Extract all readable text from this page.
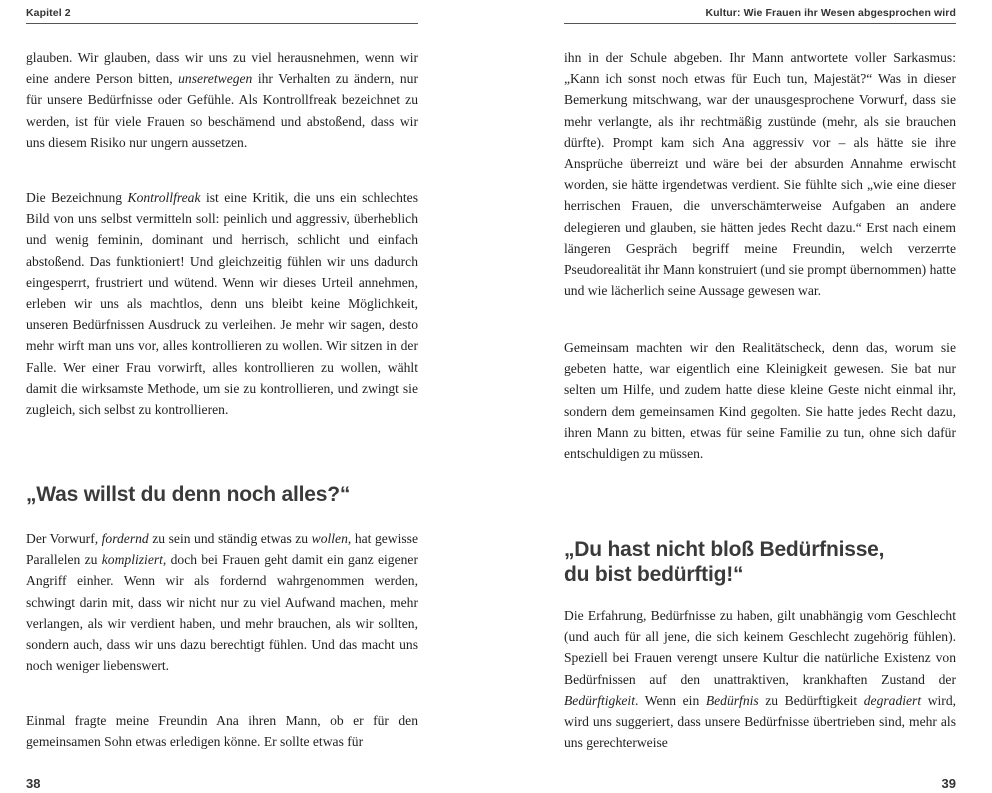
Kapitel 2

glauben. Wir glauben, dass wir uns zu viel herausnehmen, wenn wir eine andere Person bitten, unseretwegen ihr Verhalten zu ändern, nur für unsere Bedürfnisse oder Gefühle. Als Kontrollfreak bezeichnet zu werden, ist für viele Frauen so beschämend und abstoßend, dass wir uns diesem Risiko nur ungern aussetzen.

Die Bezeichnung Kontrollfreak ist eine Kritik, die uns ein schlechtes Bild von uns selbst vermitteln soll: peinlich und aggressiv, überheblich und wenig feminin, dominant und herrisch, schlicht und einfach abstoßend. Das funktioniert! Und gleichzeitig fühlen wir uns dadurch eingesperrt, frustriert und wütend. Wenn wir dieses Urteil annehmen, erleben wir uns als machtlos, denn uns bleibt keine Möglichkeit, unseren Bedürfnissen Ausdruck zu verleihen. Je mehr wir sagen, desto mehr wirft man uns vor, alles kontrollieren zu wollen. Wir sitzen in der Falle. Wer einer Frau vorwirft, alles kontrollieren zu wollen, wählt damit die wirksamste Methode, um sie zu kontrollieren, und zwingt sie zugleich, sich selbst zu kontrollieren.

„Was willst du denn noch alles?“

Der Vorwurf, fordernd zu sein und ständig etwas zu wollen, hat gewisse Parallelen zu kompliziert, doch bei Frauen geht damit ein ganz eigener Angriff einher. Wenn wir als fordernd wahrgenommen werden, schwingt darin mit, dass wir nicht nur zu viel Aufwand machen, mehr verlangen, als wir verdient haben, und mehr brauchen, als wir sollten, sondern auch, dass wir uns dazu berechtigt fühlen. Und das macht uns noch weniger liebenswert.

Einmal fragte meine Freundin Ana ihren Mann, ob er für den gemeinsamen Sohn etwas erledigen könne. Er sollte etwas für

38
Kultur: Wie Frauen ihr Wesen abgesprochen wird

ihn in der Schule abgeben. Ihr Mann antwortete voller Sarkasmus: „Kann ich sonst noch etwas für Euch tun, Majestät?“ Was in dieser Bemerkung mitschwang, war der unausgesprochene Vorwurf, dass sie mehr verlangte, als ihr rechtmäßig zustünde (mehr, als sie brauchen dürfte). Prompt kam sich Ana aggressiv vor – als hätte sie ihre Ansprüche überreizt und wäre bei der absurden Annahme erwischt worden, sie hätte irgendetwas verdient. Sie fühlte sich „wie eine dieser herrischen Frauen, die unverschämterweise Aufgaben an andere delegieren und glauben, sie hätten jedes Recht dazu.“ Erst nach einem längeren Gespräch begriff meine Freundin, welch verzerrte Pseudorealität ihr Mann konstruiert (und sie prompt übernommen) hatte und wie lächerlich seine Aussage gewesen war.

Gemeinsam machten wir den Realitätscheck, denn das, worum sie gebeten hatte, war eigentlich eine Kleinigkeit gewesen. Sie bat nur selten um Hilfe, und zudem hatte diese kleine Geste nicht einmal ihr, sondern dem gemeinsamen Kind gegolten. Sie hatte jedes Recht dazu, ihren Mann zu bitten, etwas für seine Familie zu tun, ohne sich dafür entschuldigen zu müssen.

„Du hast nicht bloß Bedürfnisse,
du bist bedürftig!“

Die Erfahrung, Bedürfnisse zu haben, gilt unabhängig vom Geschlecht (und auch für all jene, die sich keinem Geschlecht zugehörig fühlen). Speziell bei Frauen verengt unsere Kultur die natürliche Existenz von Bedürfnissen auf den unattraktiven, krankhaften Zustand der Bedürftigkeit. Wenn ein Bedürfnis zu Bedürftigkeit degradiert wird, wird uns suggeriert, dass unsere Bedürfnisse übertrieben sind, mehr als uns gerechterweise

39
